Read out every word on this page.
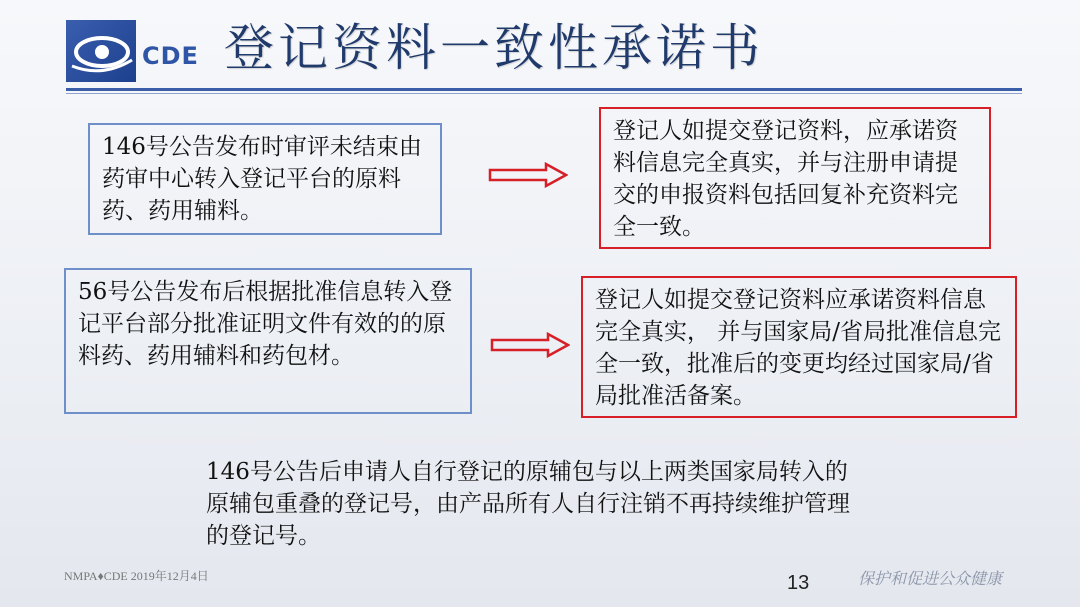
CDE 登记资料一致性承诺书
146号公告发布时审评未结束由药审中心转入登记平台的原料药、药用辅料。
登记人如提交登记资料，应承诺资料信息完全真实，并与注册申请提交的申报资料包括回复补充资料完全一致。
56号公告发布后根据批准信息转入登记平台部分批准证明文件有效的的原料药、药用辅料和药包材。
登记人如提交登记资料应承诺资料信息完全真实， 并与国家局/省局批准信息完全一致，批准后的变更均经过国家局/省局批准活备案。
146号公告后申请人自行登记的原辅包与以上两类国家局转入的原辅包重叠的登记号，由产品所有人自行注销不再持续维护管理的登记号。
NMPA♦CDE 2019年12月4日	13	保护和促进公众健康
